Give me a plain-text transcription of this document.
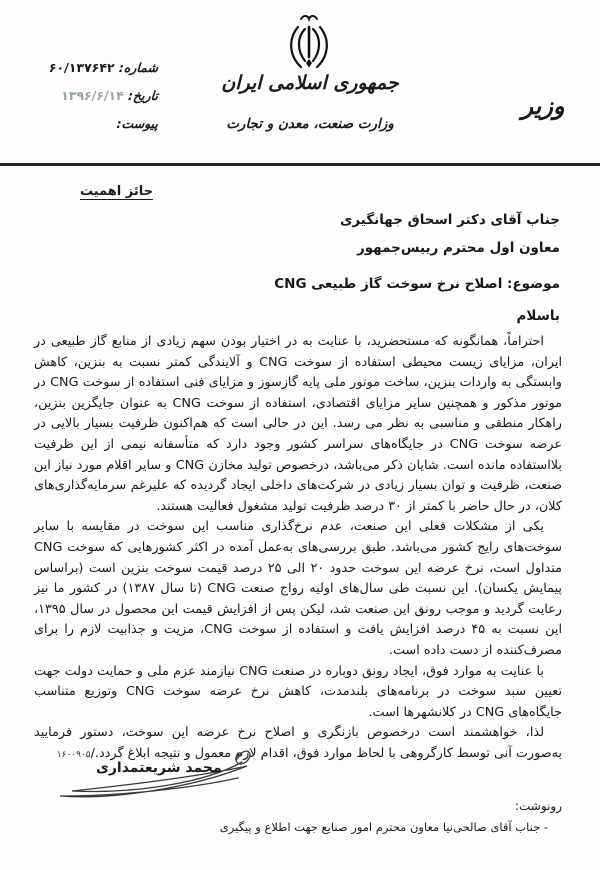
جمهوری اسلامی ایران
وزارت صنعت، معدن و تجارت
وزیر
شماره: ۶۰/۱۳۷۶۴۲
تاریخ: ۱۳۹۶/۶/۱۴
پیوست:
حائز اهمیت
جناب آقای دکتر اسحاق جهانگیری
معاون اول محترم رییس‌جمهور
موضوع: اصلاح نرخ سوخت گاز طبیعی CNG
باسلام

احتراماً، همانگونه که مستحضرید، با عنایت به در اختیار بودن سهم زیادی از منابع گاز طبیعی در ایران، مزایای زیست محیطی استفاده از سوخت CNG و آلایندگی کمتر نسبت به بنزین، کاهش وابستگی به واردات بنزین، ساخت موتور ملی پایه گازسوز و مزایای فنی استفاده از سوخت CNG در موتور مذکور و همچنین سایر مزایای اقتصادی، استفاده از سوخت CNG به عنوان جایگزین بنزین، راهکار منطقی و مناسبی به نظر می رسد. این در حالی است که هم‌اکنون ظرفیت بسیار بالایی در عرضه سوخت CNG در جایگاه‌های سراسر کشور وجود دارد که متأسفانه نیمی از این ظرفیت بلااستفاده مانده است. شایان ذکر می‌باشد، درخصوص تولید مخازن CNG و سایر اقلام مورد نیاز این صنعت، ظرفیت و توان بسیار زیادی در شرکت‌های داخلی ایجاد گردیده که علیرغم سرمایه‌گذاری‌های کلان، در حال حاضر با کمتر از ۳۰ درصد ظرفیت تولید مشغول فعالیت هستند.

یکی از مشکلات فعلی این صنعت، عدم نرخ‌گذاری مناسب این سوخت در مقایسه با سایر سوخت‌های رایج کشور می‌باشد. طبق بررسی‌های به‌عمل آمده در اکثر کشورهایی که سوخت CNG متداول است، نرخ عرضه این سوخت حدود ۲۰ الی ۲۵ درصد قیمت سوخت بنزین است (براساس پیمایش یکسان). این نسبت طی سال‌های اولیه رواج صنعت CNG (تا سال ۱۳۸۷) در کشور ما نیز رعایت گردید و موجب رونق این صنعت شد، لیکن پس از افزایش قیمت این محصول در سال ۱۳۹۵، این نسبت به ۴۵ درصد افزایش یافت و استفاده از سوخت CNG، مزیت و جذابیت لازم را برای مصرف‌کننده از دست داده است.

با عنایت به موارد فوق، ایجاد رونق دوباره در صنعت CNG نیازمند عزم ملی و حمایت دولت جهت تعیین سبد سوخت در برنامه‌های بلندمدت، کاهش نرخ عرضه سوخت CNG وتوزیع متناسب جایگاه‌های CNG در کلانشهرها است.

لذا، خواهشمند است درخصوص بازنگری و اصلاح نرخ عرضه این سوخت، دستور فرمایید به‌صورت آنی توسط کارگروهی با لحاظ موارد فوق، اقدام لازم معمول و نتیجه ابلاغ گردد./۱۶۰۰۹۰۵

محمد شریعتمداری
رونوشت:
- جناب آقای صالحی‌نیا معاون محترم امور صنایع جهت اطلاع و پیگیری
